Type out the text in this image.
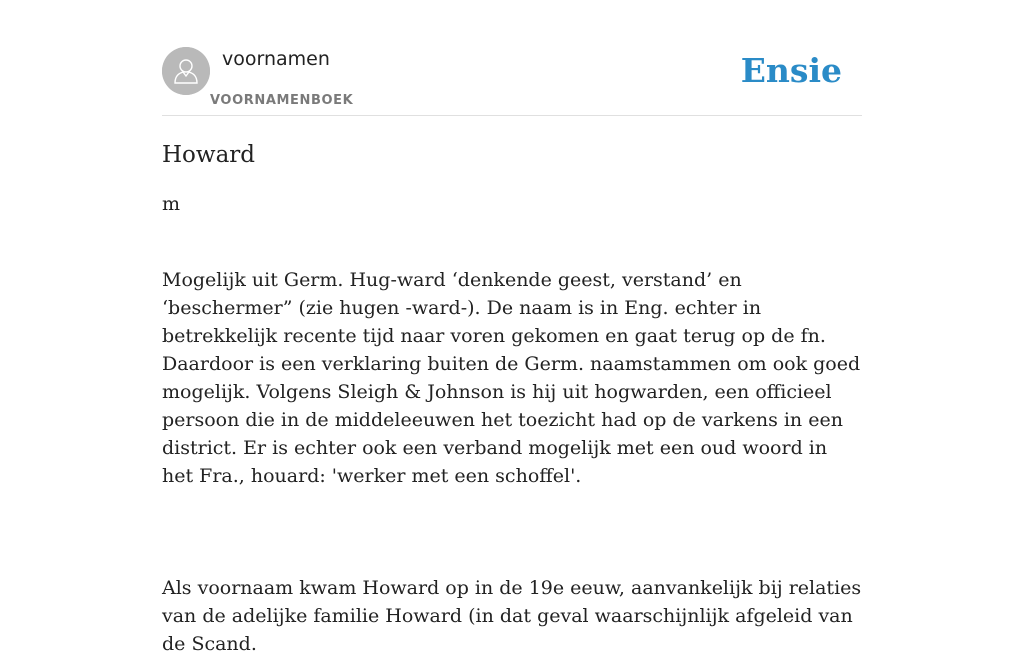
voornamen
VOORNAMENBOEK
Ensie
Howard
m

Mogelijk uit Germ. Hug-ward ‘denkende geest, verstand’ en ‘beschermer” (zie hugen -ward-). De naam is in Eng. echter in betrekkelijk recente tijd naar voren gekomen en gaat terug op de fn. Daardoor is een verklaring buiten de Germ. naamstammen om ook goed mogelijk. Volgens Sleigh & Johnson is hij uit hogwarden, een officieel persoon die in de middeleeuwen het toezicht had op de varkens in een district. Er is echter ook een verband mogelijk met een oud woord in het Fra., houard: 'werker met een schoffel'.

Als voornaam kwam Howard op in de 19e eeuw, aanvankelijk bij relaties van de adelijke familie Howard (in dat geval waarschijnlijk afgeleid van de Scand.
